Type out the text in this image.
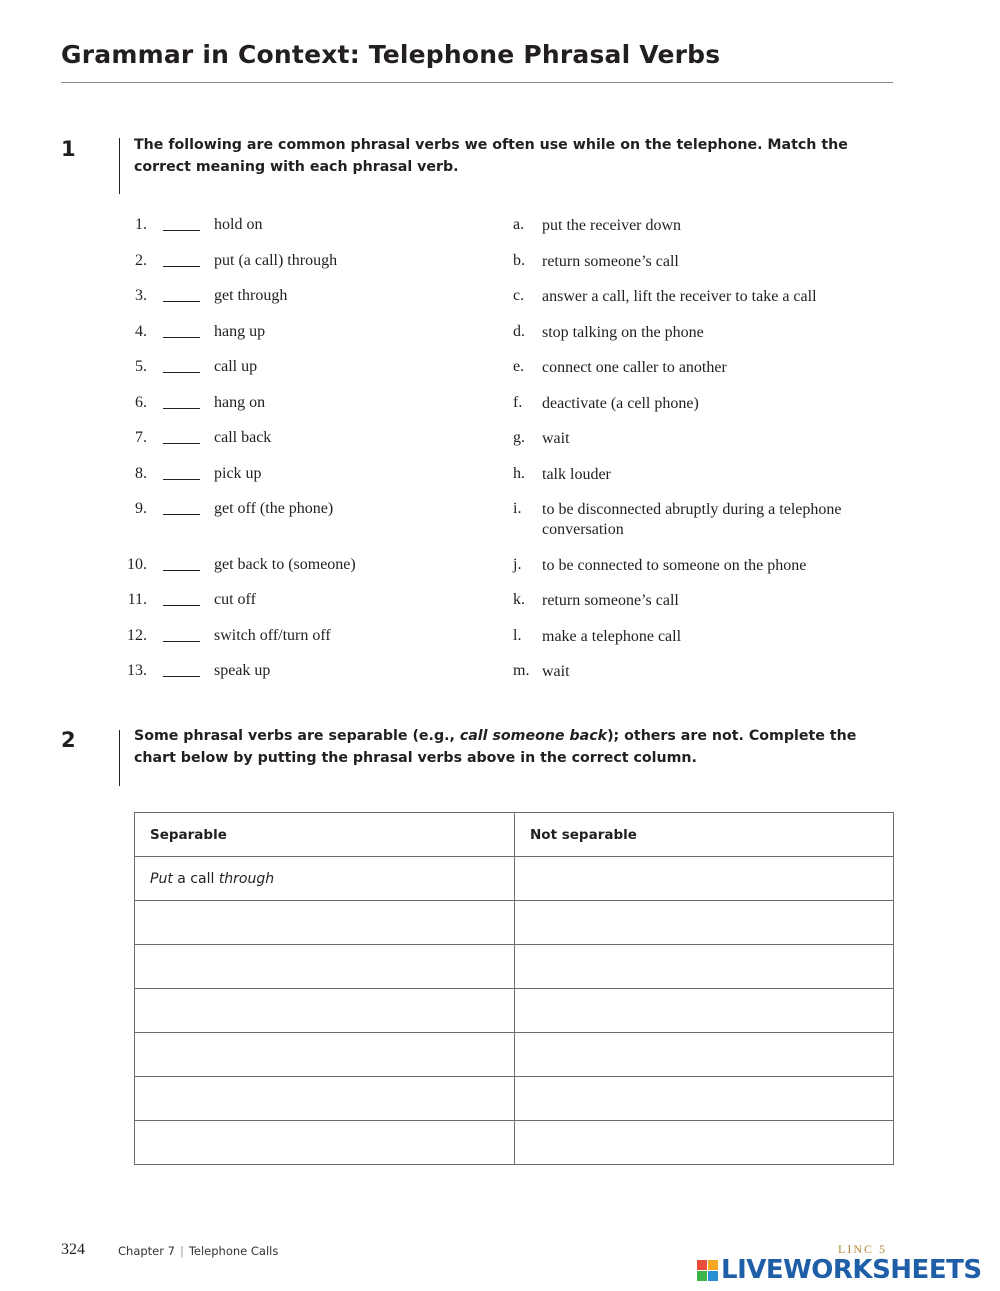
Grammar in Context: Telephone Phrasal Verbs
1	The following are common phrasal verbs we often use while on the telephone. Match the correct meaning with each phrasal verb.
1.	hold on	a. put the receiver down
2.	put (a call) through	b. return someone’s call
3.	get through	c. answer a call, lift the receiver to take a call
4.	hang up	d. stop talking on the phone
5.	call up	e. connect one caller to another
6.	hang on	f. deactivate (a cell phone)
7.	call back	g. wait
8.	pick up	h. talk louder
9.	get off (the phone)	i. to be disconnected abruptly during a telephone conversation
10.	get back to (someone)	j. to be connected to someone on the phone
11.	cut off	k. return someone’s call
12.	switch off/turn off	l. make a telephone call
13.	speak up	m. wait
2	Some phrasal verbs are separable (e.g., call someone back); others are not. Complete the chart below by putting the phrasal verbs above in the correct column.
Separable	Not separable
Put a call through	

324	Chapter 7 | Telephone Calls	LINC 5
LIVEWORKSHEETS
